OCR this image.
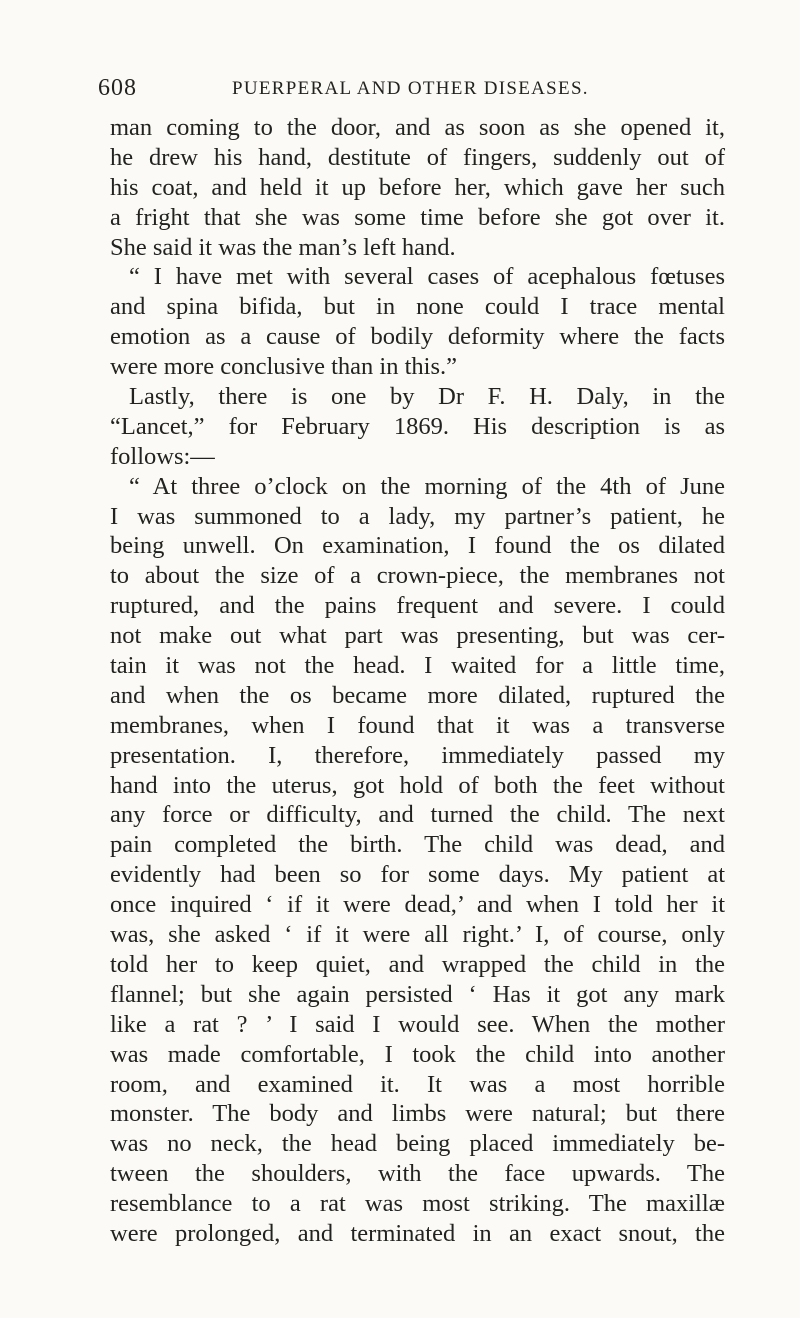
608	PUERPERAL AND OTHER DISEASES.
man coming to the door, and as soon as she opened it,
he drew his hand, destitute of fingers, suddenly out of
his coat, and held it up before her, which gave her such
a fright that she was some time before she got over it.
She said it was the man’s left hand.
“ I have met with several cases of acephalous fœtuses
and spina bifida, but in none could I trace mental
emotion as a cause of bodily deformity where the facts
were more conclusive than in this.”
Lastly, there is one by Dr F. H. Daly, in the
“Lancet,” for February 1869. His description is as
follows:—
“ At three o’clock on the morning of the 4th of June
I was summoned to a lady, my partner’s patient, he
being unwell. On examination, I found the os dilated
to about the size of a crown-piece, the membranes not
ruptured, and the pains frequent and severe. I could
not make out what part was presenting, but was cer-
tain it was not the head. I waited for a little time,
and when the os became more dilated, ruptured the
membranes, when I found that it was a transverse
presentation. I, therefore, immediately passed my
hand into the uterus, got hold of both the feet without
any force or difficulty, and turned the child. The next
pain completed the birth. The child was dead, and
evidently had been so for some days. My patient at
once inquired ‘ if it were dead,’ and when I told her it
was, she asked ‘ if it were all right.’ I, of course, only
told her to keep quiet, and wrapped the child in the
flannel; but she again persisted ‘ Has it got any mark
like a rat ? ’ I said I would see. When the mother
was made comfortable, I took the child into another
room, and examined it. It was a most horrible
monster. The body and limbs were natural; but there
was no neck, the head being placed immediately be-
tween the shoulders, with the face upwards. The
resemblance to a rat was most striking. The maxillæ
were prolonged, and terminated in an exact snout, the
